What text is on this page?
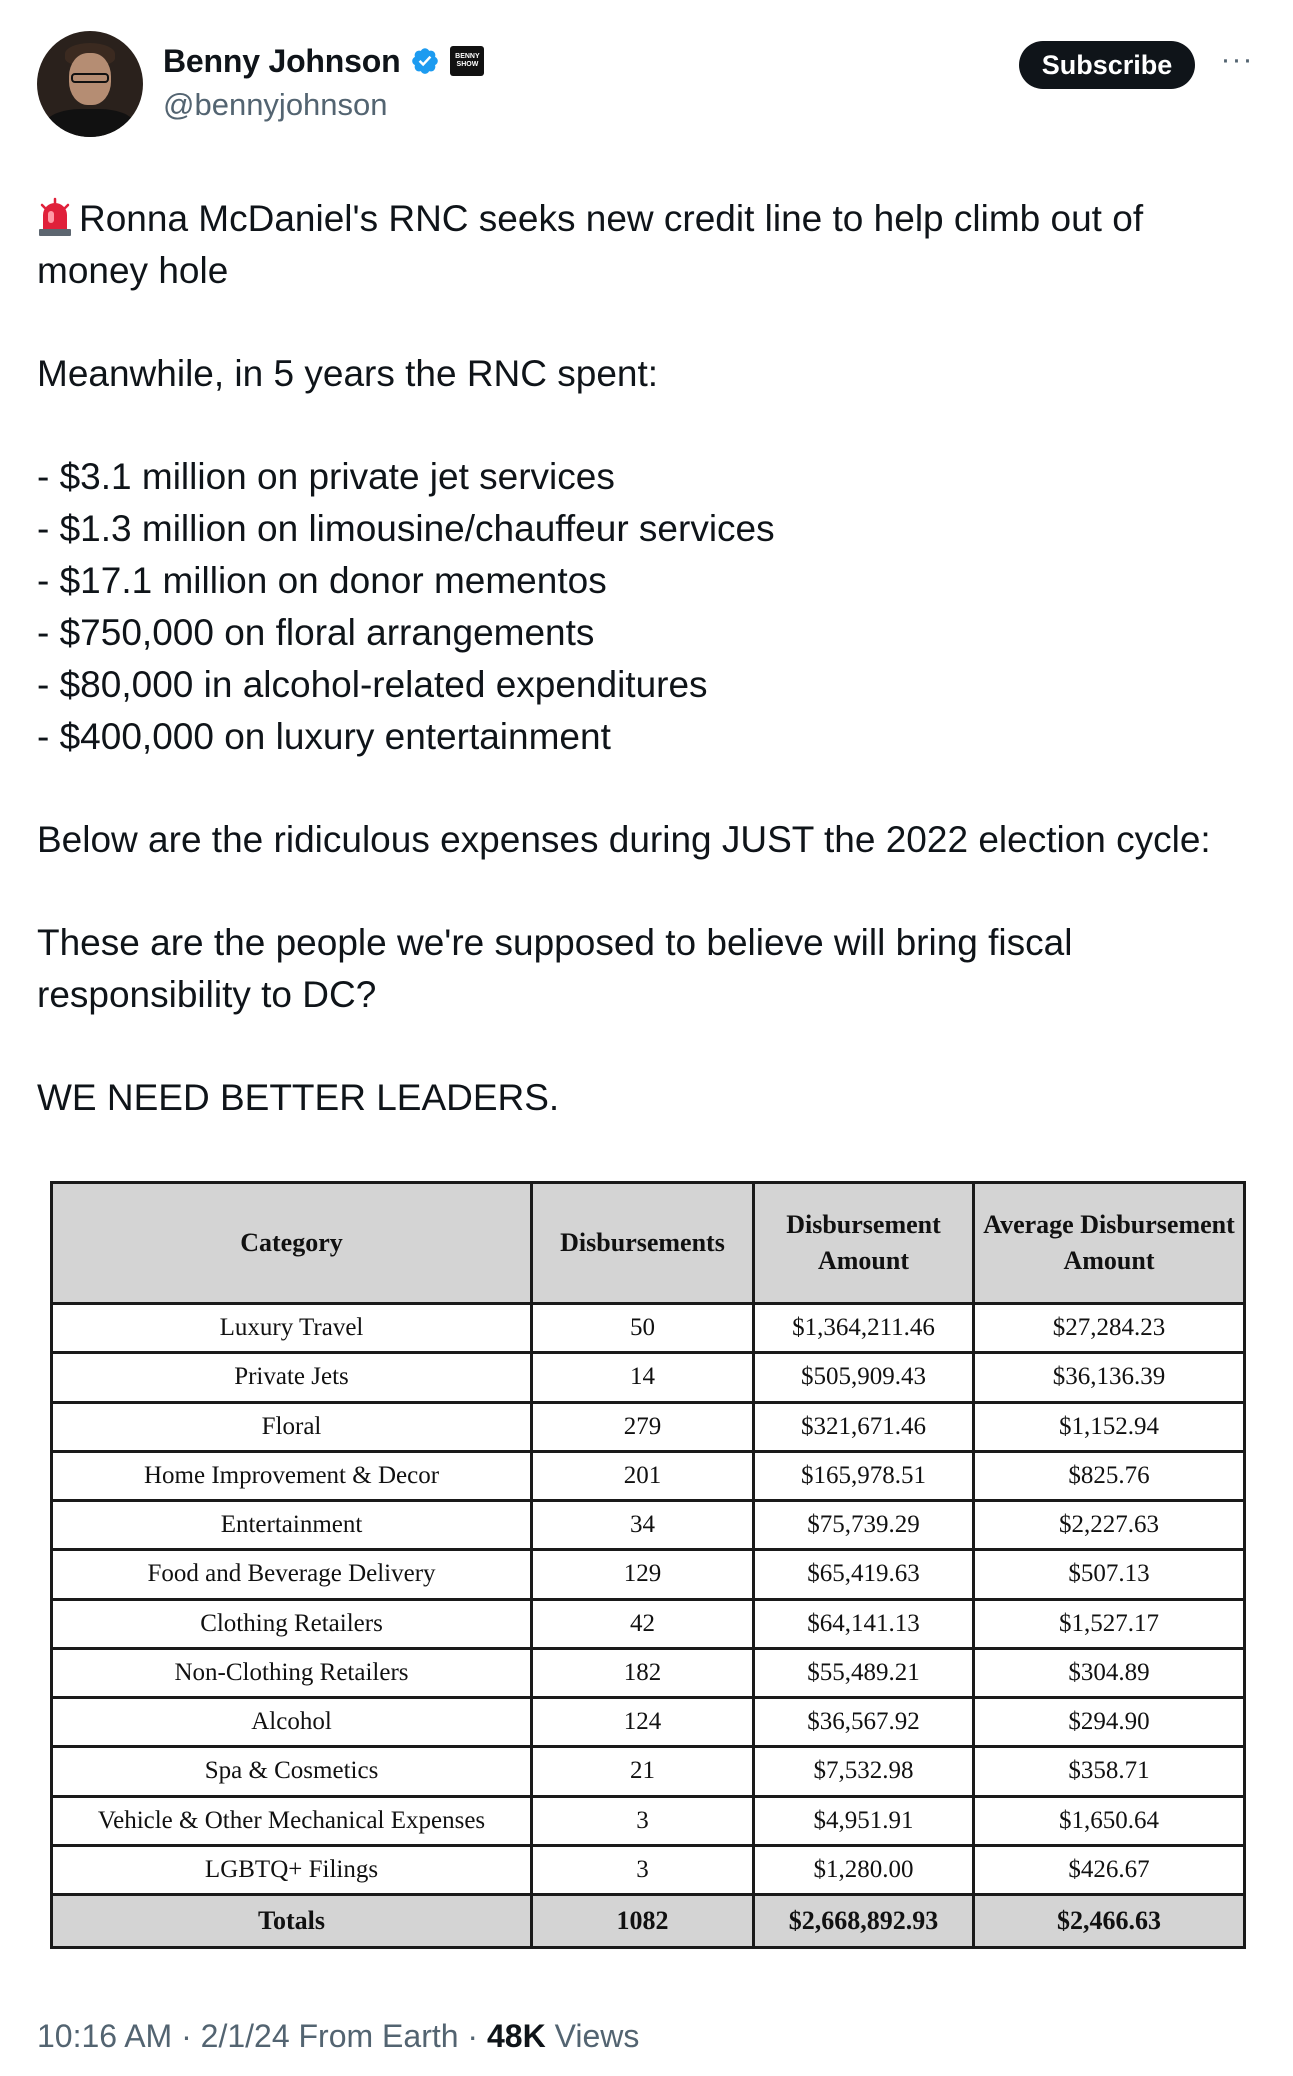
Benny Johnson	BENNY SHOW
@bennyjohnson
Subscribe	···

Ronna McDaniel's RNC seeks new credit line to help climb out of money hole

Meanwhile, in 5 years the RNC spent:

- $3.1 million on private jet services

- $1.3 million on limousine/chauffeur services

- $17.1 million on donor mementos

- $750,000 on floral arrangements

- $80,000 in alcohol-related expenditures

- $400,000 on luxury entertainment

Below are the ridiculous expenses during JUST the 2022 election cycle:

These are the people we're supposed to believe will bring fiscal responsibility to DC?

WE NEED BETTER LEADERS.

Category	Disbursements	Disbursement Amount	Average Disbursement Amount
Luxury Travel	50	$1,364,211.46	$27,284.23
Private Jets	14	$505,909.43	$36,136.39
Floral	279	$321,671.46	$1,152.94
Home Improvement & Decor	201	$165,978.51	$825.76
Entertainment	34	$75,739.29	$2,227.63
Food and Beverage Delivery	129	$65,419.63	$507.13
Clothing Retailers	42	$64,141.13	$1,527.17
Non-Clothing Retailers	182	$55,489.21	$304.89
Alcohol	124	$36,567.92	$294.90
Spa & Cosmetics	21	$7,532.98	$358.71
Vehicle & Other Mechanical Expenses	3	$4,951.91	$1,650.64
LGBTQ+ Filings	3	$1,280.00	$426.67
Totals	1082	$2,668,892.93	$2,466.63
10:16 AM · 2/1/24 From Earth · 48K Views
